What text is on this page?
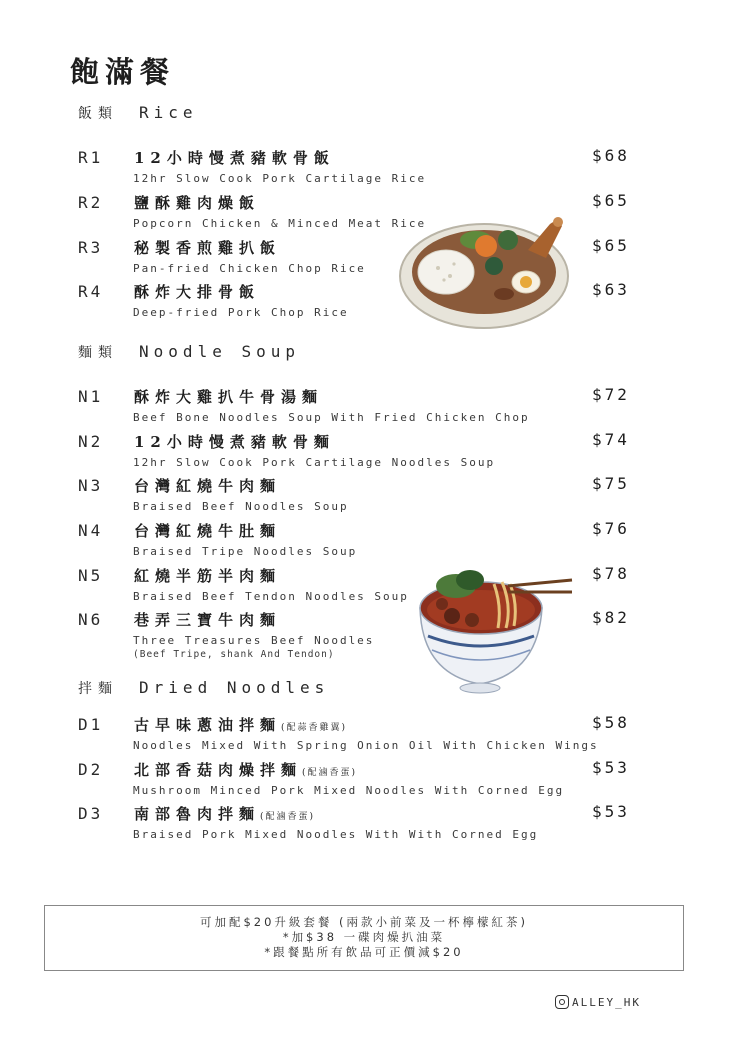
飽滿餐
飯類 Rice
R1 12小時慢煮豬軟骨飯
12hr Slow Cook Pork Cartilage Rice
$68
R2 鹽酥雞肉燥飯
Popcorn Chicken & Minced Meat Rice
$65
R3 秘製香煎雞扒飯
Pan-fried Chicken Chop Rice
$65
R4 酥炸大排骨飯
Deep-fried Pork Chop Rice
$63
麵類 Noodle Soup
N1 酥炸大雞扒牛骨湯麵
Beef Bone Noodles Soup With Fried Chicken Chop
$72
N2 12小時慢煮豬軟骨麵
12hr Slow Cook Pork Cartilage Noodles Soup
$74
N3 台灣紅燒牛肉麵
Braised Beef Noodles Soup
$75
N4 台灣紅燒牛肚麵
Braised Tripe Noodles Soup
$76
N5 紅燒半筋半肉麵
Braised Beef Tendon Noodles Soup
$78
N6 巷弄三寶牛肉麵
Three Treasures Beef Noodles
(Beef Tripe, shank And Tendon)
$82
拌麵 Dried Noodles
D1 古早味蔥油拌麵(配蒜香雞翼)
Noodles Mixed With Spring Onion Oil With Chicken Wings
$58
D2 北部香菇肉燥拌麵(配滷香蛋)
Mushroom Minced Pork Mixed Noodles With Corned Egg
$53
D3 南部魯肉拌麵(配滷香蛋)
Braised Pork Mixed Noodles With With Corned Egg
$53
可加配$20升級套餐 (兩款小前菜及一杯檸檬紅茶)
*加$38 一碟肉燥扒油菜
*跟餐點所有飲品可正價減$20
ALLEY_HK
